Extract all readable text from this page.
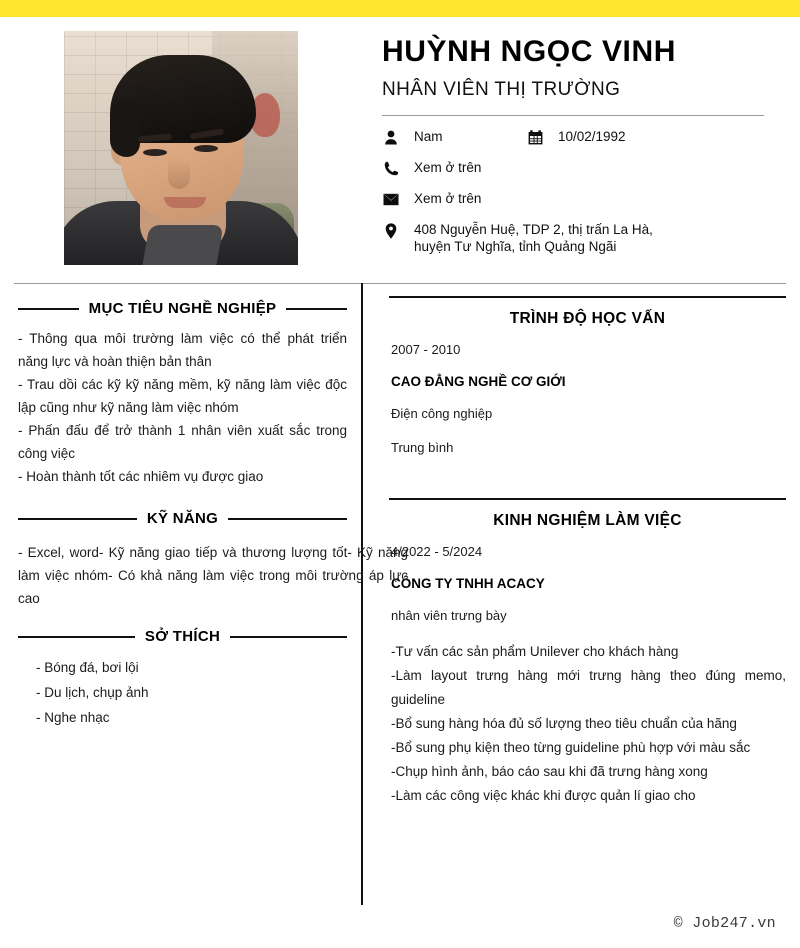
HUỲNH NGỌC VINH
NHÂN VIÊN THỊ TRƯỜNG
Nam	10/02/1992
Xem ở trên
Xem ở trên
408 Nguyễn Huệ, TDP 2, thị trấn La Hà,
huyện Tư Nghĩa, tỉnh Quảng Ngãi
MỤC TIÊU NGHỀ NGHIỆP

- Thông qua môi trường làm việc có thể phát triển năng lực và hoàn thiện bản thân

- Trau dồi các kỹ kỹ năng mềm, kỹ năng làm việc độc lập cũng như kỹ năng làm việc nhóm

- Phấn đấu để trở thành 1 nhân viên xuất sắc trong công việc

- Hoàn thành tốt các nhiêm vụ được giao

KỸ NĂNG
- Excel, word- Kỹ năng giao tiếp và thương lượng tốt- Kỹ năng làm việc nhóm- Có khả năng làm việc trong môi trường áp lực cao
SỞ THÍCH
- Bóng đá, bơi lội
- Du lịch, chụp ảnh
- Nghe nhạc
TRÌNH ĐỘ HỌC VẤN
2007 - 2010
CAO ĐẲNG NGHỀ CƠ GIỚI
Điện công nghiệp
Trung bình
KINH NGHIỆM LÀM VIỆC
4/2022 - 5/2024
CÔNG TY TNHH ACACY
nhân viên trưng bày

-Tư vấn các sản phẩm Unilever cho khách hàng

-Làm layout trưng hàng mới trưng hàng theo đúng memo, guideline

-Bổ sung hàng hóa đủ số lượng theo tiêu chuẩn của hãng

-Bổ sung phụ kiện theo từng guideline phù hợp với màu sắc

-Chụp hình ảnh, báo cáo sau khi đã trưng hàng xong

-Làm các công việc khác khi được quản lí giao cho

© Job247.vn
